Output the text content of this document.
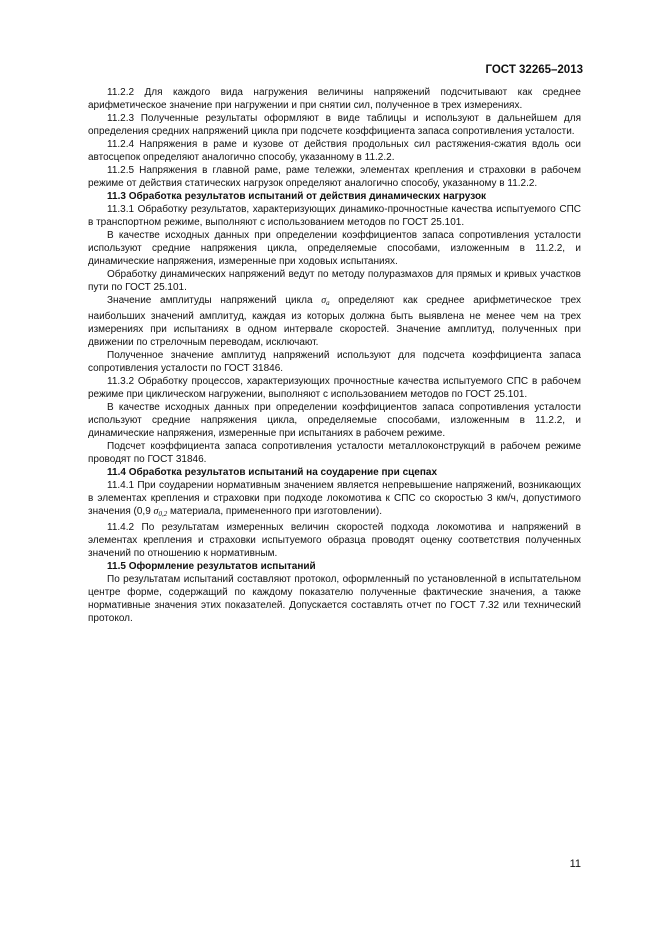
ГОСТ 32265–2013

11.2.2 Для каждого вида нагружения величины напряжений подсчитывают как среднее арифметическое значение при нагружении и при снятии сил, полученное в трех измерениях.

11.2.3 Полученные результаты оформляют в виде таблицы и используют в дальнейшем для определения средних напряжений цикла при подсчете коэффициента запаса сопротивления усталости.

11.2.4 Напряжения в раме и кузове от действия продольных сил растяжения-сжатия вдоль оси автосцепок определяют аналогично способу, указанному в 11.2.2.

11.2.5 Напряжения в главной раме, раме тележки, элементах крепления и страховки в рабочем режиме от действия статических нагрузок определяют аналогично способу, указанному в 11.2.2.

11.3 Обработка результатов испытаний от действия динамических нагрузок

11.3.1 Обработку результатов, характеризующих динамико-прочностные качества испытуемого СПС в транспортном режиме, выполняют с использованием методов по ГОСТ 25.101.

В качестве исходных данных при определении коэффициентов запаса сопротивления усталости используют средние напряжения цикла, определяемые способами, изложенным в 11.2.2, и динамические напряжения, измеренные при ходовых испытаниях.

Обработку динамических напряжений ведут по методу полуразмахов для прямых и кривых участков пути по ГОСТ 25.101.

Значение амплитуды напряжений цикла $\sigma_a$ определяют как среднее арифметическое трех наибольших значений амплитуд, каждая из которых должна быть выявлена не менее чем на трех измерениях при испытаниях в одном интервале скоростей. Значение амплитуд, полученных при движении по стрелочным переводам, исключают.

Полученное значение амплитуд напряжений используют для подсчета коэффициента запаса сопротивления усталости по ГОСТ 31846.

11.3.2 Обработку процессов, характеризующих прочностные качества испытуемого СПС в рабочем режиме при циклическом нагружении, выполняют с использованием методов по ГОСТ 25.101.

В качестве исходных данных при определении коэффициентов запаса сопротивления усталости используют средние напряжения цикла, определяемые способами, изложенным в 11.2.2, и динамические напряжения, измеренные при испытаниях в рабочем режиме.

Подсчет коэффициента запаса сопротивления усталости металлоконструкций в рабочем режиме проводят по ГОСТ 31846.

11.4 Обработка результатов испытаний на соударение при сцепах

11.4.1 При соударении нормативным значением является непревышение напряжений, возникающих в элементах крепления и страховки при подходе локомотива к СПС со скоростью 3 км/ч, допустимого значения (0,9 $\sigma_{0,2}$ материала, примененного при изготовлении).

11.4.2 По результатам измеренных величин скоростей подхода локомотива и напряжений в элементах крепления и страховки испытуемого образца проводят оценку соответствия полученных значений по отношению к нормативным.

11.5 Оформление результатов испытаний

По результатам испытаний составляют протокол, оформленный по установленной в испытательном центре форме, содержащий по каждому показателю полученные фактические значения, а также нормативные значения этих показателей. Допускается составлять отчет по ГОСТ 7.32 или технический протокол.

11
